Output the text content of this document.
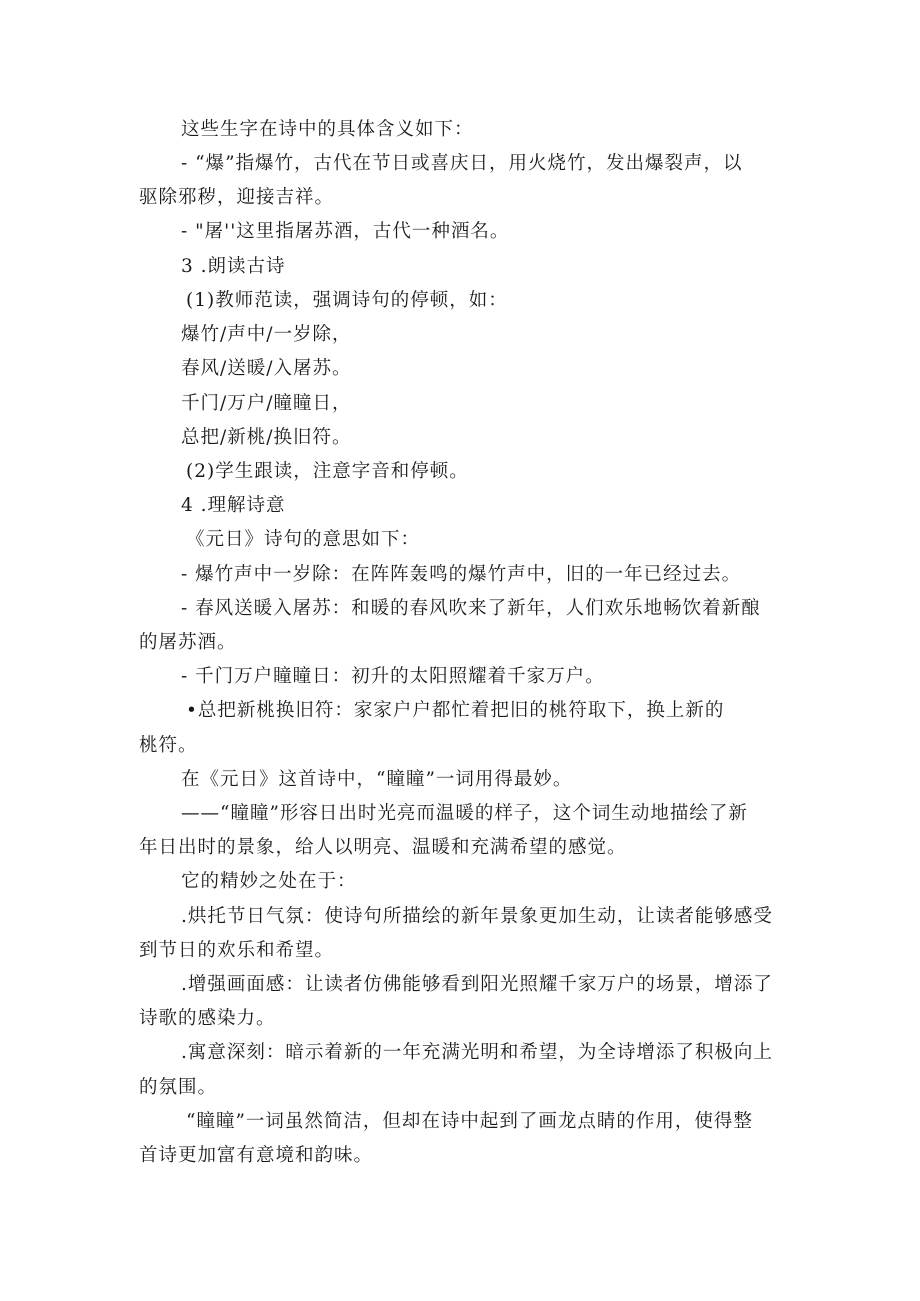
这些生字在诗中的具体含义如下：
- “爆”指爆竹，古代在节日或喜庆日，用火烧竹，发出爆裂声，以
驱除邪秽，迎接吉祥。
- "屠''这里指屠苏酒，古代一种酒名。
3 .朗读古诗
(1)教师范读，强调诗句的停顿，如：
爆竹/声中/一岁除，
春风/送暖/入屠苏。
千门/万户/瞳瞳日，
总把/新桃/换旧符。
(2)学生跟读，注意字音和停顿。
4 .理解诗意
《元日》诗句的意思如下：
- 爆竹声中一岁除：在阵阵轰鸣的爆竹声中，旧的一年已经过去。
- 春风送暖入屠苏：和暖的春风吹来了新年，人们欢乐地畅饮着新酿
的屠苏酒。
- 千门万户瞳瞳日：初升的太阳照耀着千家万户。
•总把新桃换旧符：家家户户都忙着把旧的桃符取下，换上新的
桃符。
在《元日》这首诗中，“瞳瞳”一词用得最妙。
——“瞳瞳”形容日出时光亮而温暖的样子，这个词生动地描绘了新
年日出时的景象，给人以明亮、温暖和充满希望的感觉。
它的精妙之处在于：
.烘托节日气氛：使诗句所描绘的新年景象更加生动，让读者能够感受
到节日的欢乐和希望。
.增强画面感：让读者仿佛能够看到阳光照耀千家万户的场景，增添了
诗歌的感染力。
.寓意深刻：暗示着新的一年充满光明和希望，为全诗增添了积极向上
的氛围。
“瞳瞳”一词虽然简洁，但却在诗中起到了画龙点睛的作用，使得整
首诗更加富有意境和韵味。
